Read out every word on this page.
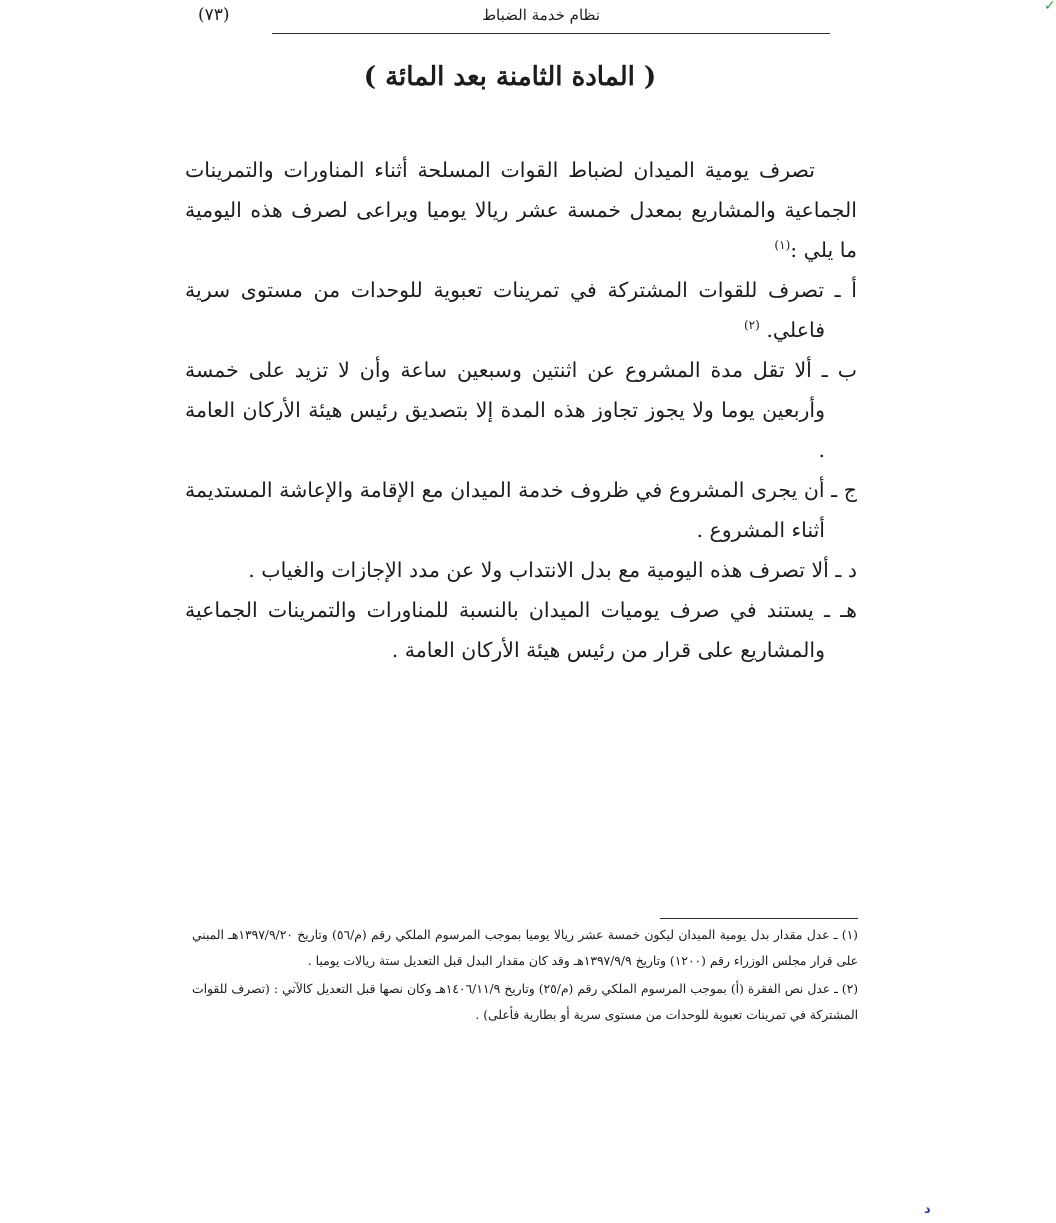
✓
نظام خدمة الضباط
(٧٣)
( المادة الثامنة بعد المائة )

تصرف يومية الميدان لضباط القوات المسلحة أثناء المناورات والتمرينات الجماعية والمشاريع بمعدل خمسة عشر ريالا يوميا ويراعى لصرف هذه اليومية ما يلي :$^{(١)}$

أ ـ تصرف للقوات المشتركة في تمرينات تعبوية للوحدات من مستوى سرية فاعلي. $^{(٢)}$

ب ـ ألا تقل مدة المشروع عن اثنتين وسبعين ساعة وأن لا تزيد على خمسة وأربعين يوما ولا يجوز تجاوز هذه المدة إلا بتصديق رئيس هيئة الأركان العامة .

ج ـ أن يجرى المشروع في ظروف خدمة الميدان مع الإقامة والإعاشة المستديمة أثناء المشروع .

د ـ ألا تصرف هذه اليومية مع بدل الانتداب ولا عن مدد الإجازات والغياب .

هـ ـ يستند في صرف يوميات الميدان بالنسبة للمناورات والتمرينات الجماعية والمشاريع على قرار من رئيس هيئة الأركان العامة .

(١) ـ عدل مقدار بدل يومية الميدان ليكون خمسة عشر ريالا يوميا بموجب المرسوم الملكي رقم (م/٥٦) وتاريخ ١٣٩٧/٩/٢٠هـ المبني على قرار مجلس الوزراء رقم (١٢٠٠) وتاريخ ١٣٩٧/٩/٩هـ وقد كان مقدار البدل قبل التعديل ستة ريالات يوميا .

(٢) ـ عدل نص الفقرة (أ) بموجب المرسوم الملكي رقم (م/٢٥) وتاريخ ١٤٠٦/١١/٩هـ وكان نصها قبل التعديل كالآتي : (تصرف للقوات المشتركة في تمرينات تعبوية للوحدات من مستوى سرية أو بطارية فأعلى) .

د
